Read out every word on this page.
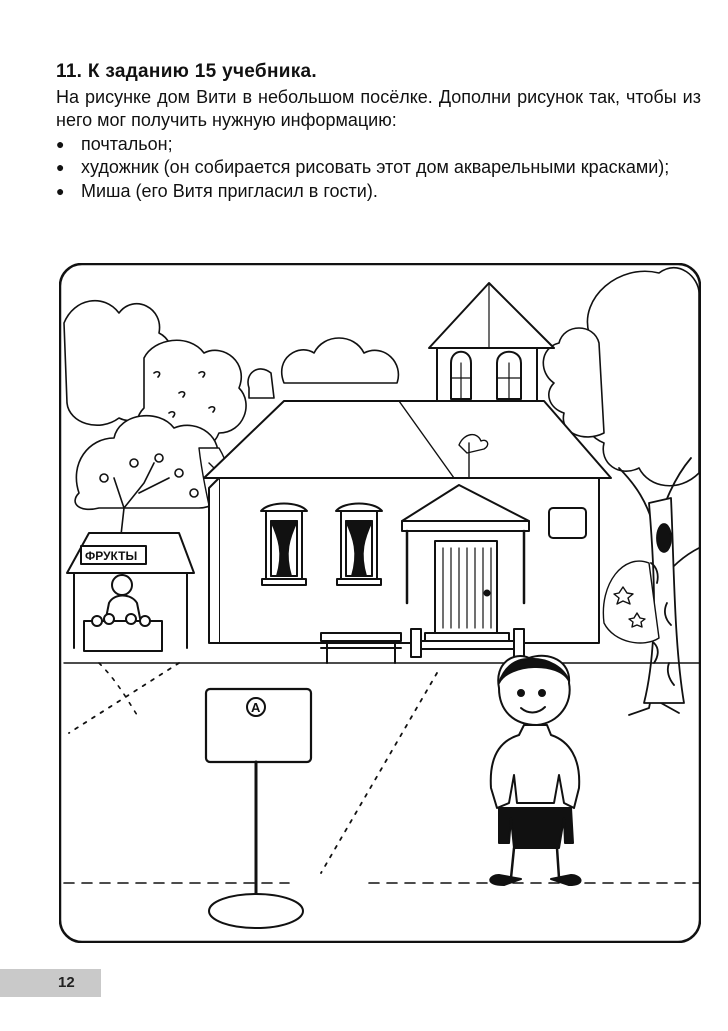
11. К заданию 15 учебника.

На рисунке дом Вити в небольшом посёлке. Дополни рисунок так, чтобы из него мог получить нужную информацию:

● почтальон;
● художник (он собирается рисовать этот дом акварельными красками);
● Миша (его Витя пригласил в гости).
ФРУКТЫ
A
12
